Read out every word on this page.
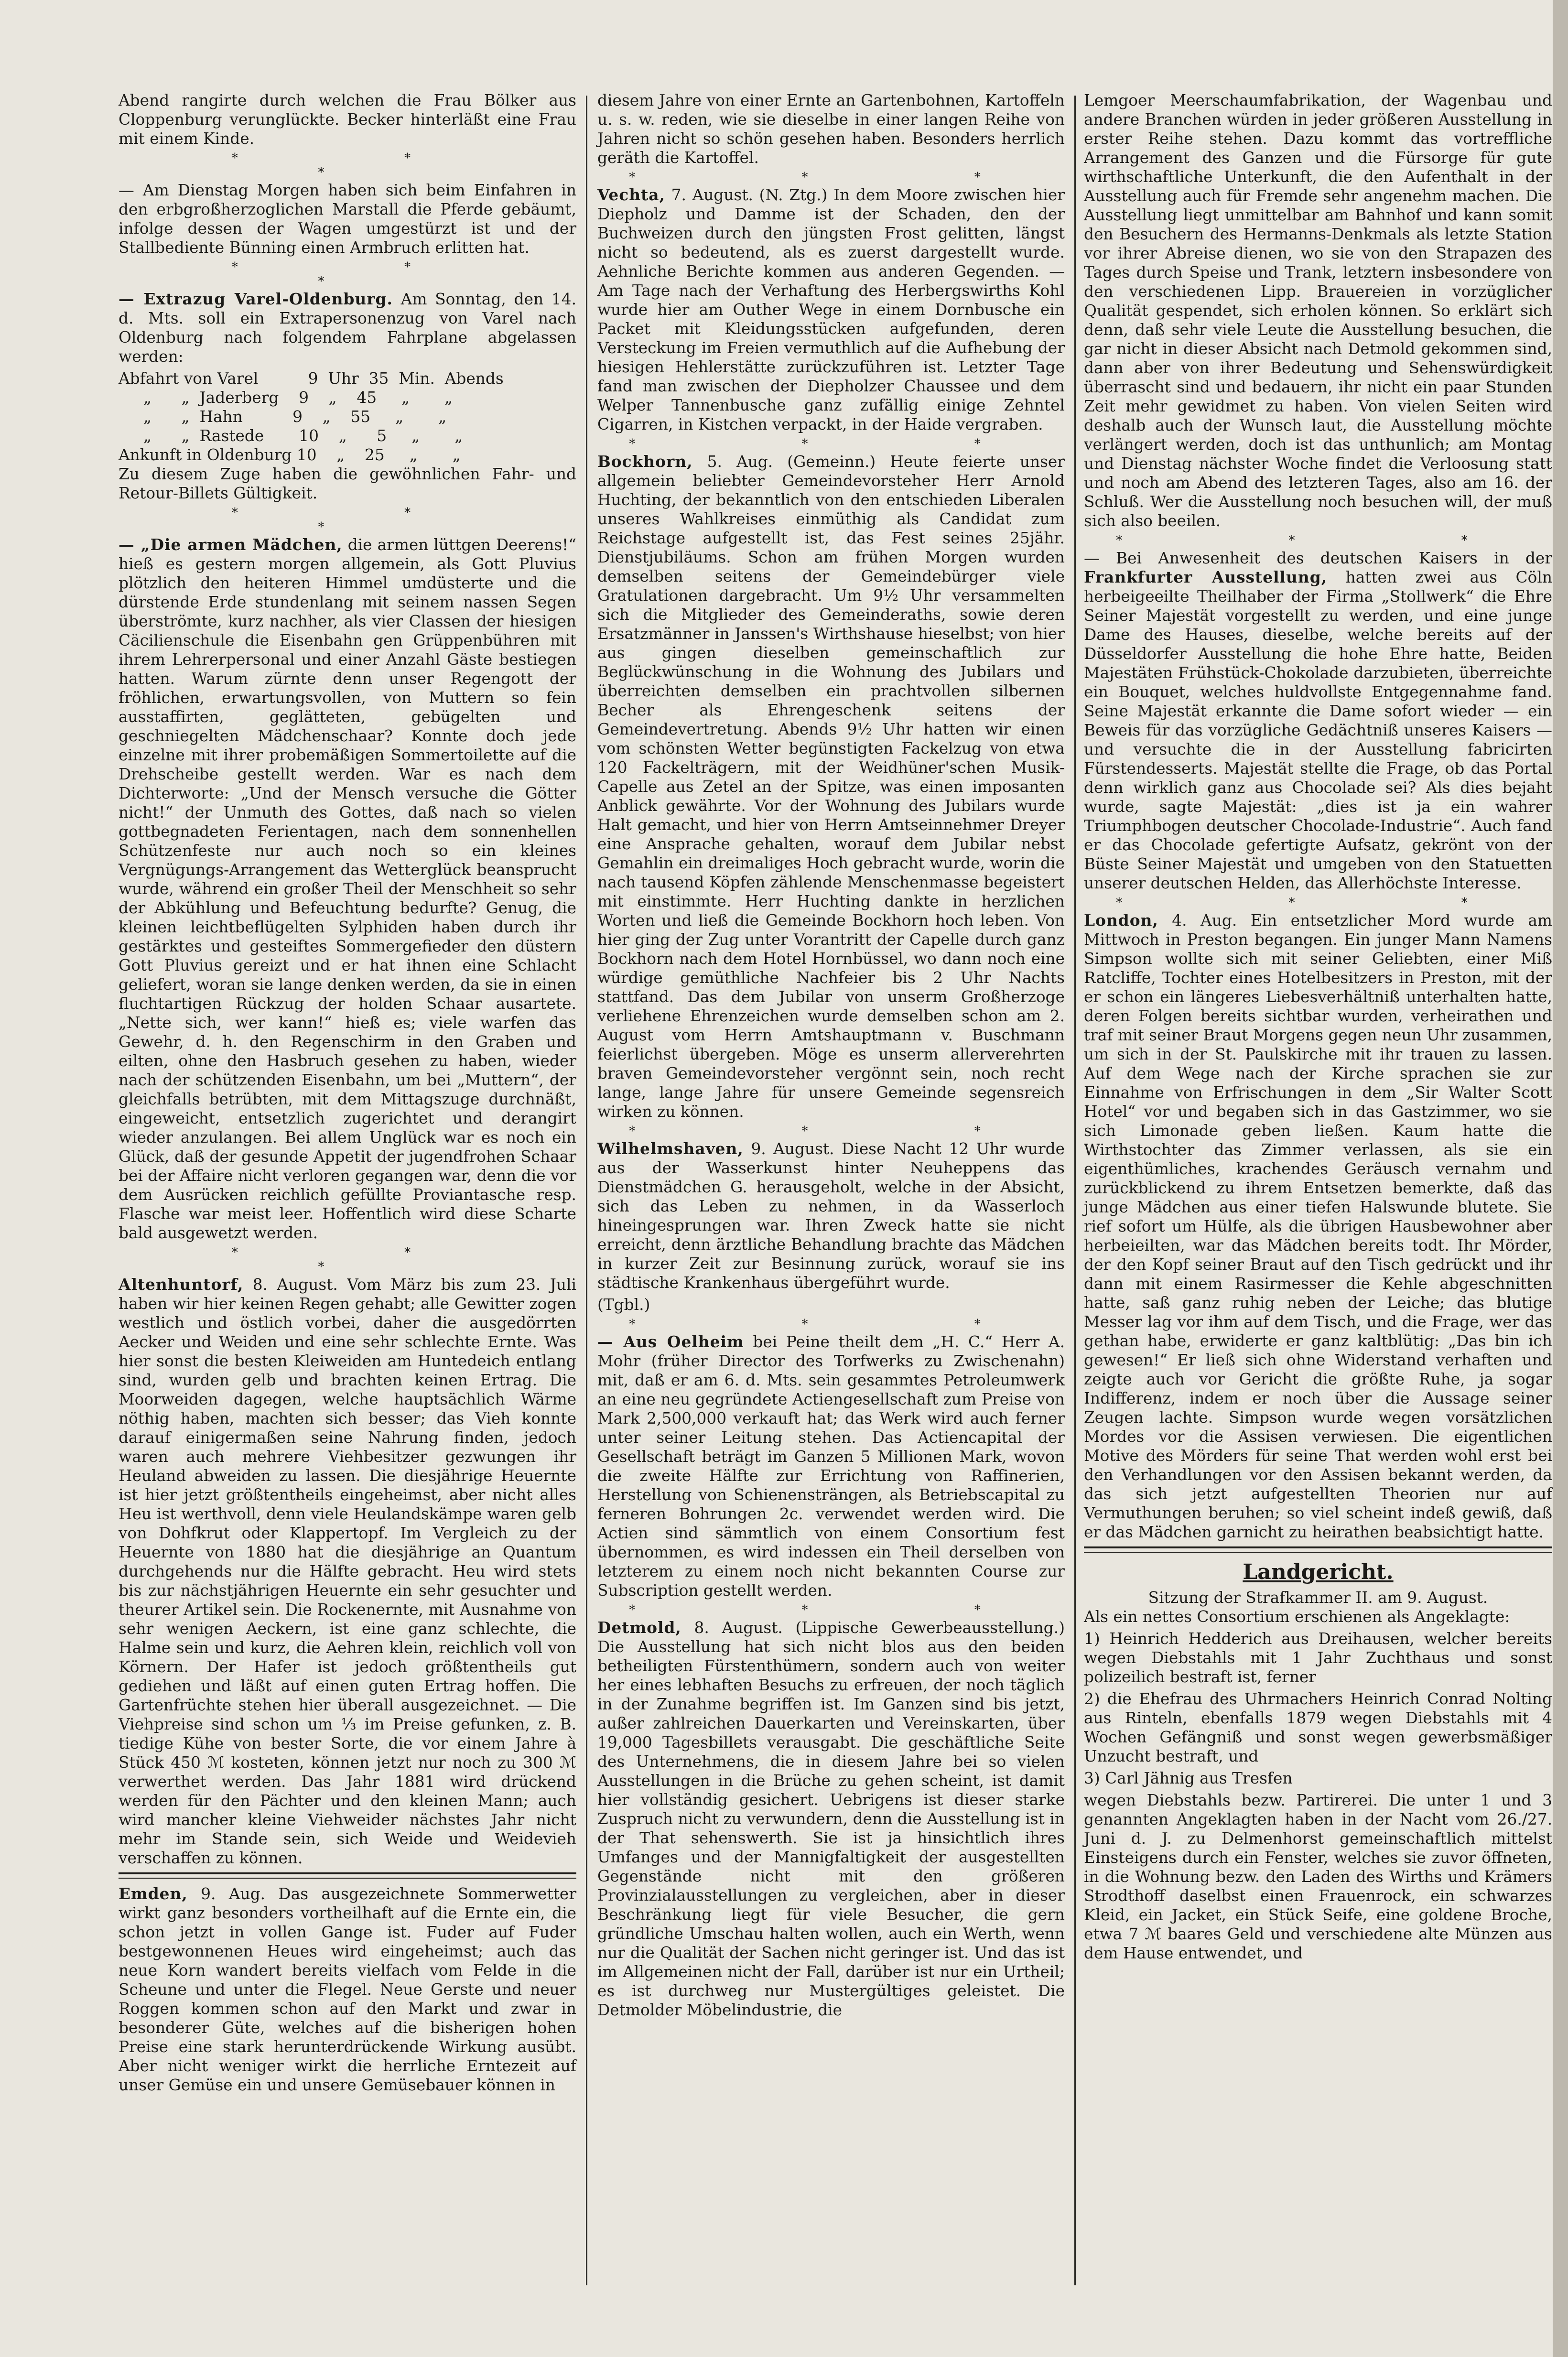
Abend rangirte durch welchen die Frau Bölker aus Cloppenburg verunglückte. Becker hinterläßt eine Frau mit einem Kinde.

* * *

— Am Dienstag Morgen haben sich beim Einfahren in den erbgroßherzoglichen Marstall die Pferde gebäumt, infolge dessen der Wagen umgestürzt ist und der Stallbediente Bünning einen Armbruch erlitten hat.

* * *

— Extrazug Varel-Oldenburg. Am Sonntag, den 14. d. Mts. soll ein Extrapersonenzug von Varel nach Oldenburg nach folgendem Fahrplane abgelassen werden:

Abfahrt von Varel          9  Uhr  35  Min.  Abends
„      „  Jaderberg    9    „    45     „       „
„      „  Hahn          9    „    55     „       „
„      „  Rastede       10    „      5     „       „
Ankunft in Oldenburg 10    „    25     „       „

Zu diesem Zuge haben die gewöhnlichen Fahr- und Retour-Billets Gültigkeit.

* * *

— „Die armen Mädchen, die armen lüttgen Deerens!“ hieß es gestern morgen allgemein, als Gott Pluvius plötzlich den heiteren Himmel umdüsterte und die dürstende Erde stundenlang mit seinem nassen Segen überströmte, kurz nachher, als vier Classen der hiesigen Cäcilienschule die Eisenbahn gen Grüppenbühren mit ihrem Lehrerpersonal und einer Anzahl Gäste bestiegen hatten. Warum zürnte denn unser Regengott der fröhlichen, erwartungsvollen, von Muttern so fein ausstaffirten, geglätteten, gebügelten und geschniegelten Mädchenschaar? Konnte doch jede einzelne mit ihrer probemäßigen Sommertoilette auf die Drehscheibe gestellt werden. War es nach dem Dichterworte: „Und der Mensch versuche die Götter nicht!“ der Unmuth des Gottes, daß nach so vielen gottbegnadeten Ferientagen, nach dem sonnenhellen Schützenfeste nur auch noch so ein kleines Vergnügungs-Arrangement das Wetterglück beansprucht wurde, während ein großer Theil der Menschheit so sehr der Abkühlung und Befeuchtung bedurfte? Genug, die kleinen leichtbeflügelten Sylphiden haben durch ihr gestärktes und gesteiftes Sommergefieder den düstern Gott Pluvius gereizt und er hat ihnen eine Schlacht geliefert, woran sie lange denken werden, da sie in einen fluchtartigen Rückzug der holden Schaar ausartete. „Nette sich, wer kann!“ hieß es; viele warfen das Gewehr, d. h. den Regenschirm in den Graben und eilten, ohne den Hasbruch gesehen zu haben, wieder nach der schützenden Eisenbahn, um bei „Muttern“, der gleichfalls betrübten, mit dem Mittagszuge durchnäßt, eingeweicht, entsetzlich zugerichtet und derangirt wieder anzulangen. Bei allem Unglück war es noch ein Glück, daß der gesunde Appetit der jugendfrohen Schaar bei der Affaire nicht verloren gegangen war, denn die vor dem Ausrücken reichlich gefüllte Proviantasche resp. Flasche war meist leer. Hoffentlich wird diese Scharte bald ausgewetzt werden.

* * *

Altenhuntorf, 8. August. Vom März bis zum 23. Juli haben wir hier keinen Regen gehabt; alle Gewitter zogen westlich und östlich vorbei, daher die ausgedörrten Aecker und Weiden und eine sehr schlechte Ernte. Was hier sonst die besten Kleiweiden am Huntedeich entlang sind, wurden gelb und brachten keinen Ertrag. Die Moorweiden dagegen, welche hauptsächlich Wärme nöthig haben, machten sich besser; das Vieh konnte darauf einigermaßen seine Nahrung finden, jedoch waren auch mehrere Viehbesitzer gezwungen ihr Heuland abweiden zu lassen. Die diesjährige Heuernte ist hier jetzt größtentheils eingeheimst, aber nicht alles Heu ist werthvoll, denn viele Heulandskämpe waren gelb von Dohfkrut oder Klappertopf. Im Vergleich zu der Heuernte von 1880 hat die diesjährige an Quantum durchgehends nur die Hälfte gebracht. Heu wird stets bis zur nächstjährigen Heuernte ein sehr gesuchter und theurer Artikel sein. Die Rockenernte, mit Ausnahme von sehr wenigen Aeckern, ist eine ganz schlechte, die Halme sein und kurz, die Aehren klein, reichlich voll von Körnern. Der Hafer ist jedoch größtentheils gut gediehen und läßt auf einen guten Ertrag hoffen. Die Gartenfrüchte stehen hier überall ausgezeichnet. — Die Viehpreise sind schon um ⅓ im Preise gefunken, z. B. tiedige Kühe von bester Sorte, die vor einem Jahre à Stück 450 ℳ kosteten, können jetzt nur noch zu 300 ℳ verwerthet werden. Das Jahr 1881 wird drückend werden für den Pächter und den kleinen Mann; auch wird mancher kleine Viehweider nächstes Jahr nicht mehr im Stande sein, sich Weide und Weidevieh verschaffen zu können.

Emden, 9. Aug. Das ausgezeichnete Sommerwetter wirkt ganz besonders vortheilhaft auf die Ernte ein, die schon jetzt in vollen Gange ist. Fuder auf Fuder bestgewonnenen Heues wird eingeheimst; auch das neue Korn wandert bereits vielfach vom Felde in die Scheune und unter die Flegel. Neue Gerste und neuer Roggen kommen schon auf den Markt und zwar in besonderer Güte, welches auf die bisherigen hohen Preise eine stark herunterdrückende Wirkung ausübt. Aber nicht weniger wirkt die herrliche Erntezeit auf unser Gemüse ein und unsere Gemüsebauer können in

diesem Jahre von einer Ernte an Gartenbohnen, Kartoffeln u. s. w. reden, wie sie dieselbe in einer langen Reihe von Jahren nicht so schön gesehen haben. Besonders herrlich geräth die Kartoffel.

* * *

Vechta, 7. August. (N. Ztg.) In dem Moore zwischen hier Diepholz und Damme ist der Schaden, den der Buchweizen durch den jüngsten Frost gelitten, längst nicht so bedeutend, als es zuerst dargestellt wurde. Aehnliche Berichte kommen aus anderen Gegenden. — Am Tage nach der Verhaftung des Herbergswirths Kohl wurde hier am Outher Wege in einem Dornbusche ein Packet mit Kleidungsstücken aufgefunden, deren Versteckung im Freien vermuthlich auf die Aufhebung der hiesigen Hehlerstätte zurückzuführen ist. Letzter Tage fand man zwischen der Diepholzer Chaussee und dem Welper Tannenbusche ganz zufällig einige Zehntel Cigarren, in Kistchen verpackt, in der Haide vergraben.

* * *

Bockhorn, 5. Aug. (Gemeinn.) Heute feierte unser allgemein beliebter Gemeindevorsteher Herr Arnold Huchting, der bekanntlich von den entschieden Liberalen unseres Wahlkreises einmüthig als Candidat zum Reichstage aufgestellt ist, das Fest seines 25jähr. Dienstjubiläums. Schon am frühen Morgen wurden demselben seitens der Gemeindebürger viele Gratulationen dargebracht. Um 9½ Uhr versammelten sich die Mitglieder des Gemeinderaths, sowie deren Ersatzmänner in Janssen's Wirthshause hieselbst; von hier aus gingen dieselben gemeinschaftlich zur Beglückwünschung in die Wohnung des Jubilars und überreichten demselben ein prachtvollen silbernen Becher als Ehrengeschenk seitens der Gemeindevertretung. Abends 9½ Uhr hatten wir einen vom schönsten Wetter begünstigten Fackelzug von etwa 120 Fackelträgern, mit der Weidhüner'schen Musik-Capelle aus Zetel an der Spitze, was einen imposanten Anblick gewährte. Vor der Wohnung des Jubilars wurde Halt gemacht, und hier von Herrn Amtseinnehmer Dreyer eine Ansprache gehalten, worauf dem Jubilar nebst Gemahlin ein dreimaliges Hoch gebracht wurde, worin die nach tausend Köpfen zählende Menschenmasse begeistert mit einstimmte. Herr Huchting dankte in herzlichen Worten und ließ die Gemeinde Bockhorn hoch leben. Von hier ging der Zug unter Vorantritt der Capelle durch ganz Bockhorn nach dem Hotel Hornbüssel, wo dann noch eine würdige gemüthliche Nachfeier bis 2 Uhr Nachts stattfand. Das dem Jubilar von unserm Großherzoge verliehene Ehrenzeichen wurde demselben schon am 2. August vom Herrn Amtshauptmann v. Buschmann feierlichst übergeben. Möge es unserm allerverehrten braven Gemeindevorsteher vergönnt sein, noch recht lange, lange Jahre für unsere Gemeinde segensreich wirken zu können.

* * *

Wilhelmshaven, 9. August. Diese Nacht 12 Uhr wurde aus der Wasserkunst hinter Neuheppens das Dienstmädchen G. herausgeholt, welche in der Absicht, sich das Leben zu nehmen, in da Wasserloch hineingesprungen war. Ihren Zweck hatte sie nicht erreicht, denn ärztliche Behandlung brachte das Mädchen in kurzer Zeit zur Besinnung zurück, worauf sie ins städtische Krankenhaus übergeführt wurde.

(Tgbl.)

* * *

— Aus Oelheim bei Peine theilt dem „H. C.“ Herr A. Mohr (früher Director des Torfwerks zu Zwischenahn) mit, daß er am 6. d. Mts. sein gesammtes Petroleumwerk an eine neu gegründete Actiengesellschaft zum Preise von Mark 2,500,000 verkauft hat; das Werk wird auch ferner unter seiner Leitung stehen. Das Actiencapital der Gesellschaft beträgt im Ganzen 5 Millionen Mark, wovon die zweite Hälfte zur Errichtung von Raffinerien, Herstellung von Schienensträngen, als Betriebscapital zu ferneren Bohrungen 2c. verwendet werden wird. Die Actien sind sämmtlich von einem Consortium fest übernommen, es wird indessen ein Theil derselben von letzterem zu einem noch nicht bekannten Course zur Subscription gestellt werden.

* * *

Detmold, 8. August. (Lippische Gewerbeausstellung.) Die Ausstellung hat sich nicht blos aus den beiden betheiligten Fürstenthümern, sondern auch von weiter her eines lebhaften Besuchs zu erfreuen, der noch täglich in der Zunahme begriffen ist. Im Ganzen sind bis jetzt, außer zahlreichen Dauerkarten und Vereinskarten, über 19,000 Tagesbillets verausgabt. Die geschäftliche Seite des Unternehmens, die in diesem Jahre bei so vielen Ausstellungen in die Brüche zu gehen scheint, ist damit hier vollständig gesichert. Uebrigens ist dieser starke Zuspruch nicht zu verwundern, denn die Ausstellung ist in der That sehenswerth. Sie ist ja hinsichtlich ihres Umfanges und der Mannigfaltigkeit der ausgestellten Gegenstände nicht mit den größeren Provinzialausstellungen zu vergleichen, aber in dieser Beschränkung liegt für viele Besucher, die gern gründliche Umschau halten wollen, auch ein Werth, wenn nur die Qualität der Sachen nicht geringer ist. Und das ist im Allgemeinen nicht der Fall, darüber ist nur ein Urtheil; es ist durchweg nur Mustergültiges geleistet. Die Detmolder Möbelindustrie, die

Lemgoer Meerschaumfabrikation, der Wagenbau und andere Branchen würden in jeder größeren Ausstellung in erster Reihe stehen. Dazu kommt das vortreffliche Arrangement des Ganzen und die Fürsorge für gute wirthschaftliche Unterkunft, die den Aufenthalt in der Ausstellung auch für Fremde sehr angenehm machen. Die Ausstellung liegt unmittelbar am Bahnhof und kann somit den Besuchern des Hermanns-Denkmals als letzte Station vor ihrer Abreise dienen, wo sie von den Strapazen des Tages durch Speise und Trank, letztern insbesondere von den verschiedenen Lipp. Brauereien in vorzüglicher Qualität gespendet, sich erholen können. So erklärt sich denn, daß sehr viele Leute die Ausstellung besuchen, die gar nicht in dieser Absicht nach Detmold gekommen sind, dann aber von ihrer Bedeutung und Sehenswürdigkeit überrascht sind und bedauern, ihr nicht ein paar Stunden Zeit mehr gewidmet zu haben. Von vielen Seiten wird deshalb auch der Wunsch laut, die Ausstellung möchte verlängert werden, doch ist das unthunlich; am Montag und Dienstag nächster Woche findet die Verloosung statt und noch am Abend des letzteren Tages, also am 16. der Schluß. Wer die Ausstellung noch besuchen will, der muß sich also beeilen.

* * *

— Bei Anwesenheit des deutschen Kaisers in der Frankfurter Ausstellung, hatten zwei aus Cöln herbeigeeilte Theilhaber der Firma „Stollwerk“ die Ehre Seiner Majestät vorgestellt zu werden, und eine junge Dame des Hauses, dieselbe, welche bereits auf der Düsseldorfer Ausstellung die hohe Ehre hatte, Beiden Majestäten Frühstück-Chokolade darzubieten, überreichte ein Bouquet, welches huldvollste Entgegennahme fand. Seine Majestät erkannte die Dame sofort wieder — ein Beweis für das vorzügliche Gedächtniß unseres Kaisers — und versuchte die in der Ausstellung fabricirten Fürstendesserts. Majestät stellte die Frage, ob das Portal denn wirklich ganz aus Chocolade sei? Als dies bejaht wurde, sagte Majestät: „dies ist ja ein wahrer Triumphbogen deutscher Chocolade-Industrie“. Auch fand er das Chocolade gefertigte Aufsatz, gekrönt von der Büste Seiner Majestät und umgeben von den Statuetten unserer deutschen Helden, das Allerhöchste Interesse.

* * *

London, 4. Aug. Ein entsetzlicher Mord wurde am Mittwoch in Preston begangen. Ein junger Mann Namens Simpson wollte sich mit seiner Geliebten, einer Miß Ratcliffe, Tochter eines Hotelbesitzers in Preston, mit der er schon ein längeres Liebesverhältniß unterhalten hatte, deren Folgen bereits sichtbar wurden, verheirathen und traf mit seiner Braut Morgens gegen neun Uhr zusammen, um sich in der St. Paulskirche mit ihr trauen zu lassen. Auf dem Wege nach der Kirche sprachen sie zur Einnahme von Erfrischungen in dem „Sir Walter Scott Hotel“ vor und begaben sich in das Gastzimmer, wo sie sich Limonade geben ließen. Kaum hatte die Wirthstochter das Zimmer verlassen, als sie ein eigenthümliches, krachendes Geräusch vernahm und zurückblickend zu ihrem Entsetzen bemerkte, daß das junge Mädchen aus einer tiefen Halswunde blutete. Sie rief sofort um Hülfe, als die übrigen Hausbewohner aber herbeieilten, war das Mädchen bereits todt. Ihr Mörder, der den Kopf seiner Braut auf den Tisch gedrückt und ihr dann mit einem Rasirmesser die Kehle abgeschnitten hatte, saß ganz ruhig neben der Leiche; das blutige Messer lag vor ihm auf dem Tisch, und die Frage, wer das gethan habe, erwiderte er ganz kaltblütig: „Das bin ich gewesen!“ Er ließ sich ohne Widerstand verhaften und zeigte auch vor Gericht die größte Ruhe, ja sogar Indifferenz, indem er noch über die Aussage seiner Zeugen lachte. Simpson wurde wegen vorsätzlichen Mordes vor die Assisen verwiesen. Die eigentlichen Motive des Mörders für seine That werden wohl erst bei den Verhandlungen vor den Assisen bekannt werden, da das sich jetzt aufgestellten Theorien nur auf Vermuthungen beruhen; so viel scheint indeß gewiß, daß er das Mädchen garnicht zu heirathen beabsichtigt hatte.

Landgericht.

Sitzung der Strafkammer II. am 9. August.

Als ein nettes Consortium erschienen als Angeklagte:

1) Heinrich Hedderich aus Dreihausen, welcher bereits wegen Diebstahls mit 1 Jahr Zuchthaus und sonst polizeilich bestraft ist, ferner

2) die Ehefrau des Uhrmachers Heinrich Conrad Nolting aus Rinteln, ebenfalls 1879 wegen Diebstahls mit 4 Wochen Gefängniß und sonst wegen gewerbsmäßiger Unzucht bestraft, und

3) Carl Jähnig aus Tresfen

wegen Diebstahls bezw. Partirerei. Die unter 1 und 3 genannten Angeklagten haben in der Nacht vom 26./27. Juni d. J. zu Delmenhorst gemeinschaftlich mittelst Einsteigens durch ein Fenster, welches sie zuvor öffneten, in die Wohnung bezw. den Laden des Wirths und Krämers Strodthoff daselbst einen Frauenrock, ein schwarzes Kleid, ein Jacket, ein Stück Seife, eine goldene Broche, etwa 7 ℳ baares Geld und verschiedene alte Münzen aus dem Hause entwendet, und
